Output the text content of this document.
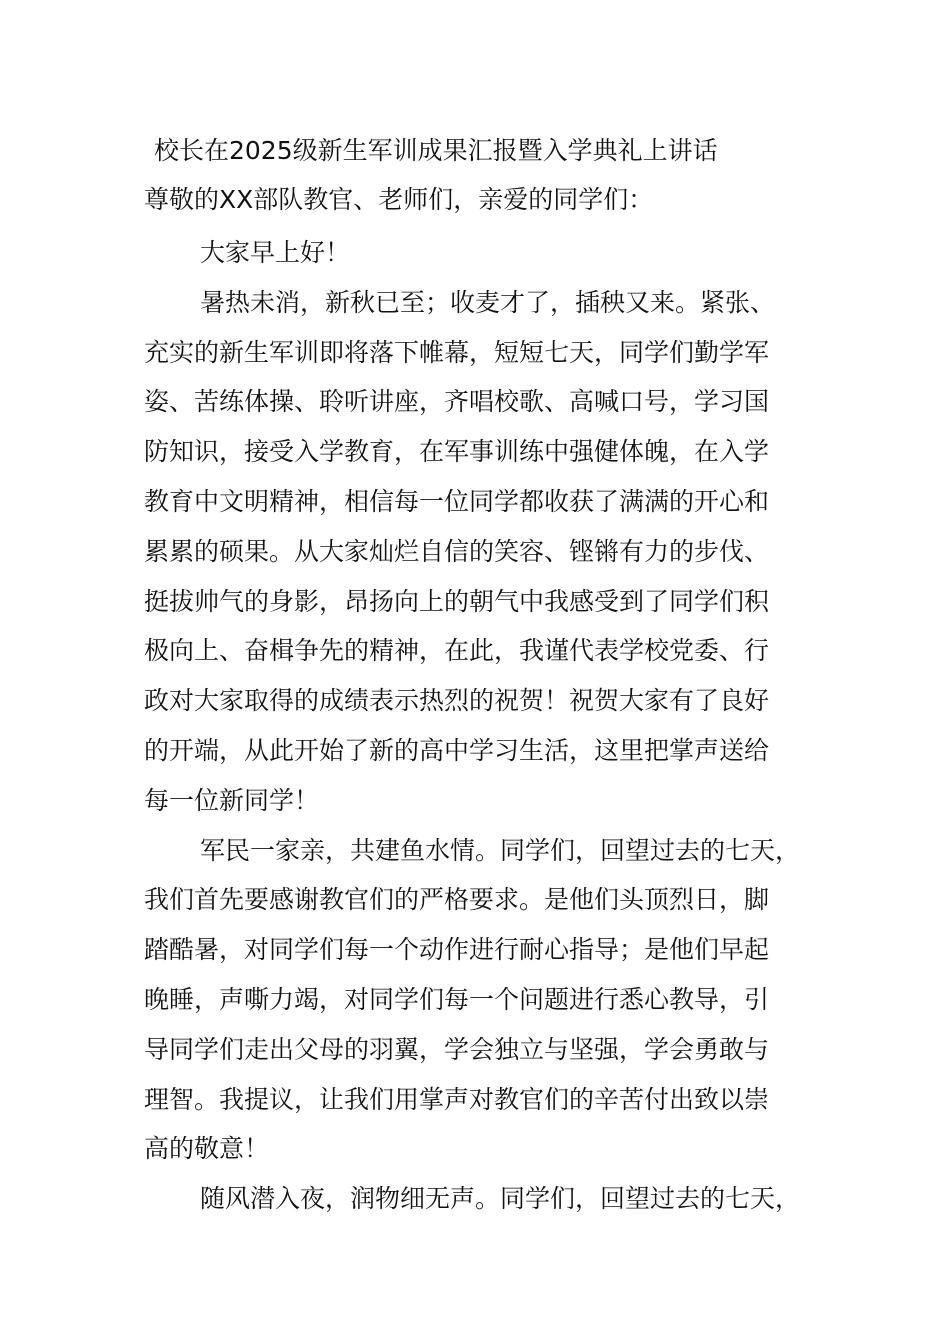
校长在2025级新生军训成果汇报暨入学典礼上讲话

尊敬的XX部队教官、老师们，亲爱的同学们：

大家早上好！

暑热未消，新秋已至；收麦才了，插秧又来。紧张、
充实的新生军训即将落下帷幕，短短七天，同学们勤学军
姿、苦练体操、聆听讲座，齐唱校歌、高喊口号，学习国
防知识，接受入学教育，在军事训练中强健体魄，在入学
教育中文明精神，相信每一位同学都收获了满满的开心和
累累的硕果。从大家灿烂自信的笑容、铿锵有力的步伐、
挺拔帅气的身影，昂扬向上的朝气中我感受到了同学们积
极向上、奋楫争先的精神，在此，我谨代表学校党委、行
政对大家取得的成绩表示热烈的祝贺！祝贺大家有了良好
的开端，从此开始了新的高中学习生活，这里把掌声送给
每一位新同学！

军民一家亲，共建鱼水情。同学们，回望过去的七天，
我们首先要感谢教官们的严格要求。是他们头顶烈日，脚
踏酷暑，对同学们每一个动作进行耐心指导；是他们早起
晚睡，声嘶力竭，对同学们每一个问题进行悉心教导，引
导同学们走出父母的羽翼，学会独立与坚强，学会勇敢与
理智。我提议，让我们用掌声对教官们的辛苦付出致以崇
高的敬意！

随风潜入夜，润物细无声。同学们，回望过去的七天，
